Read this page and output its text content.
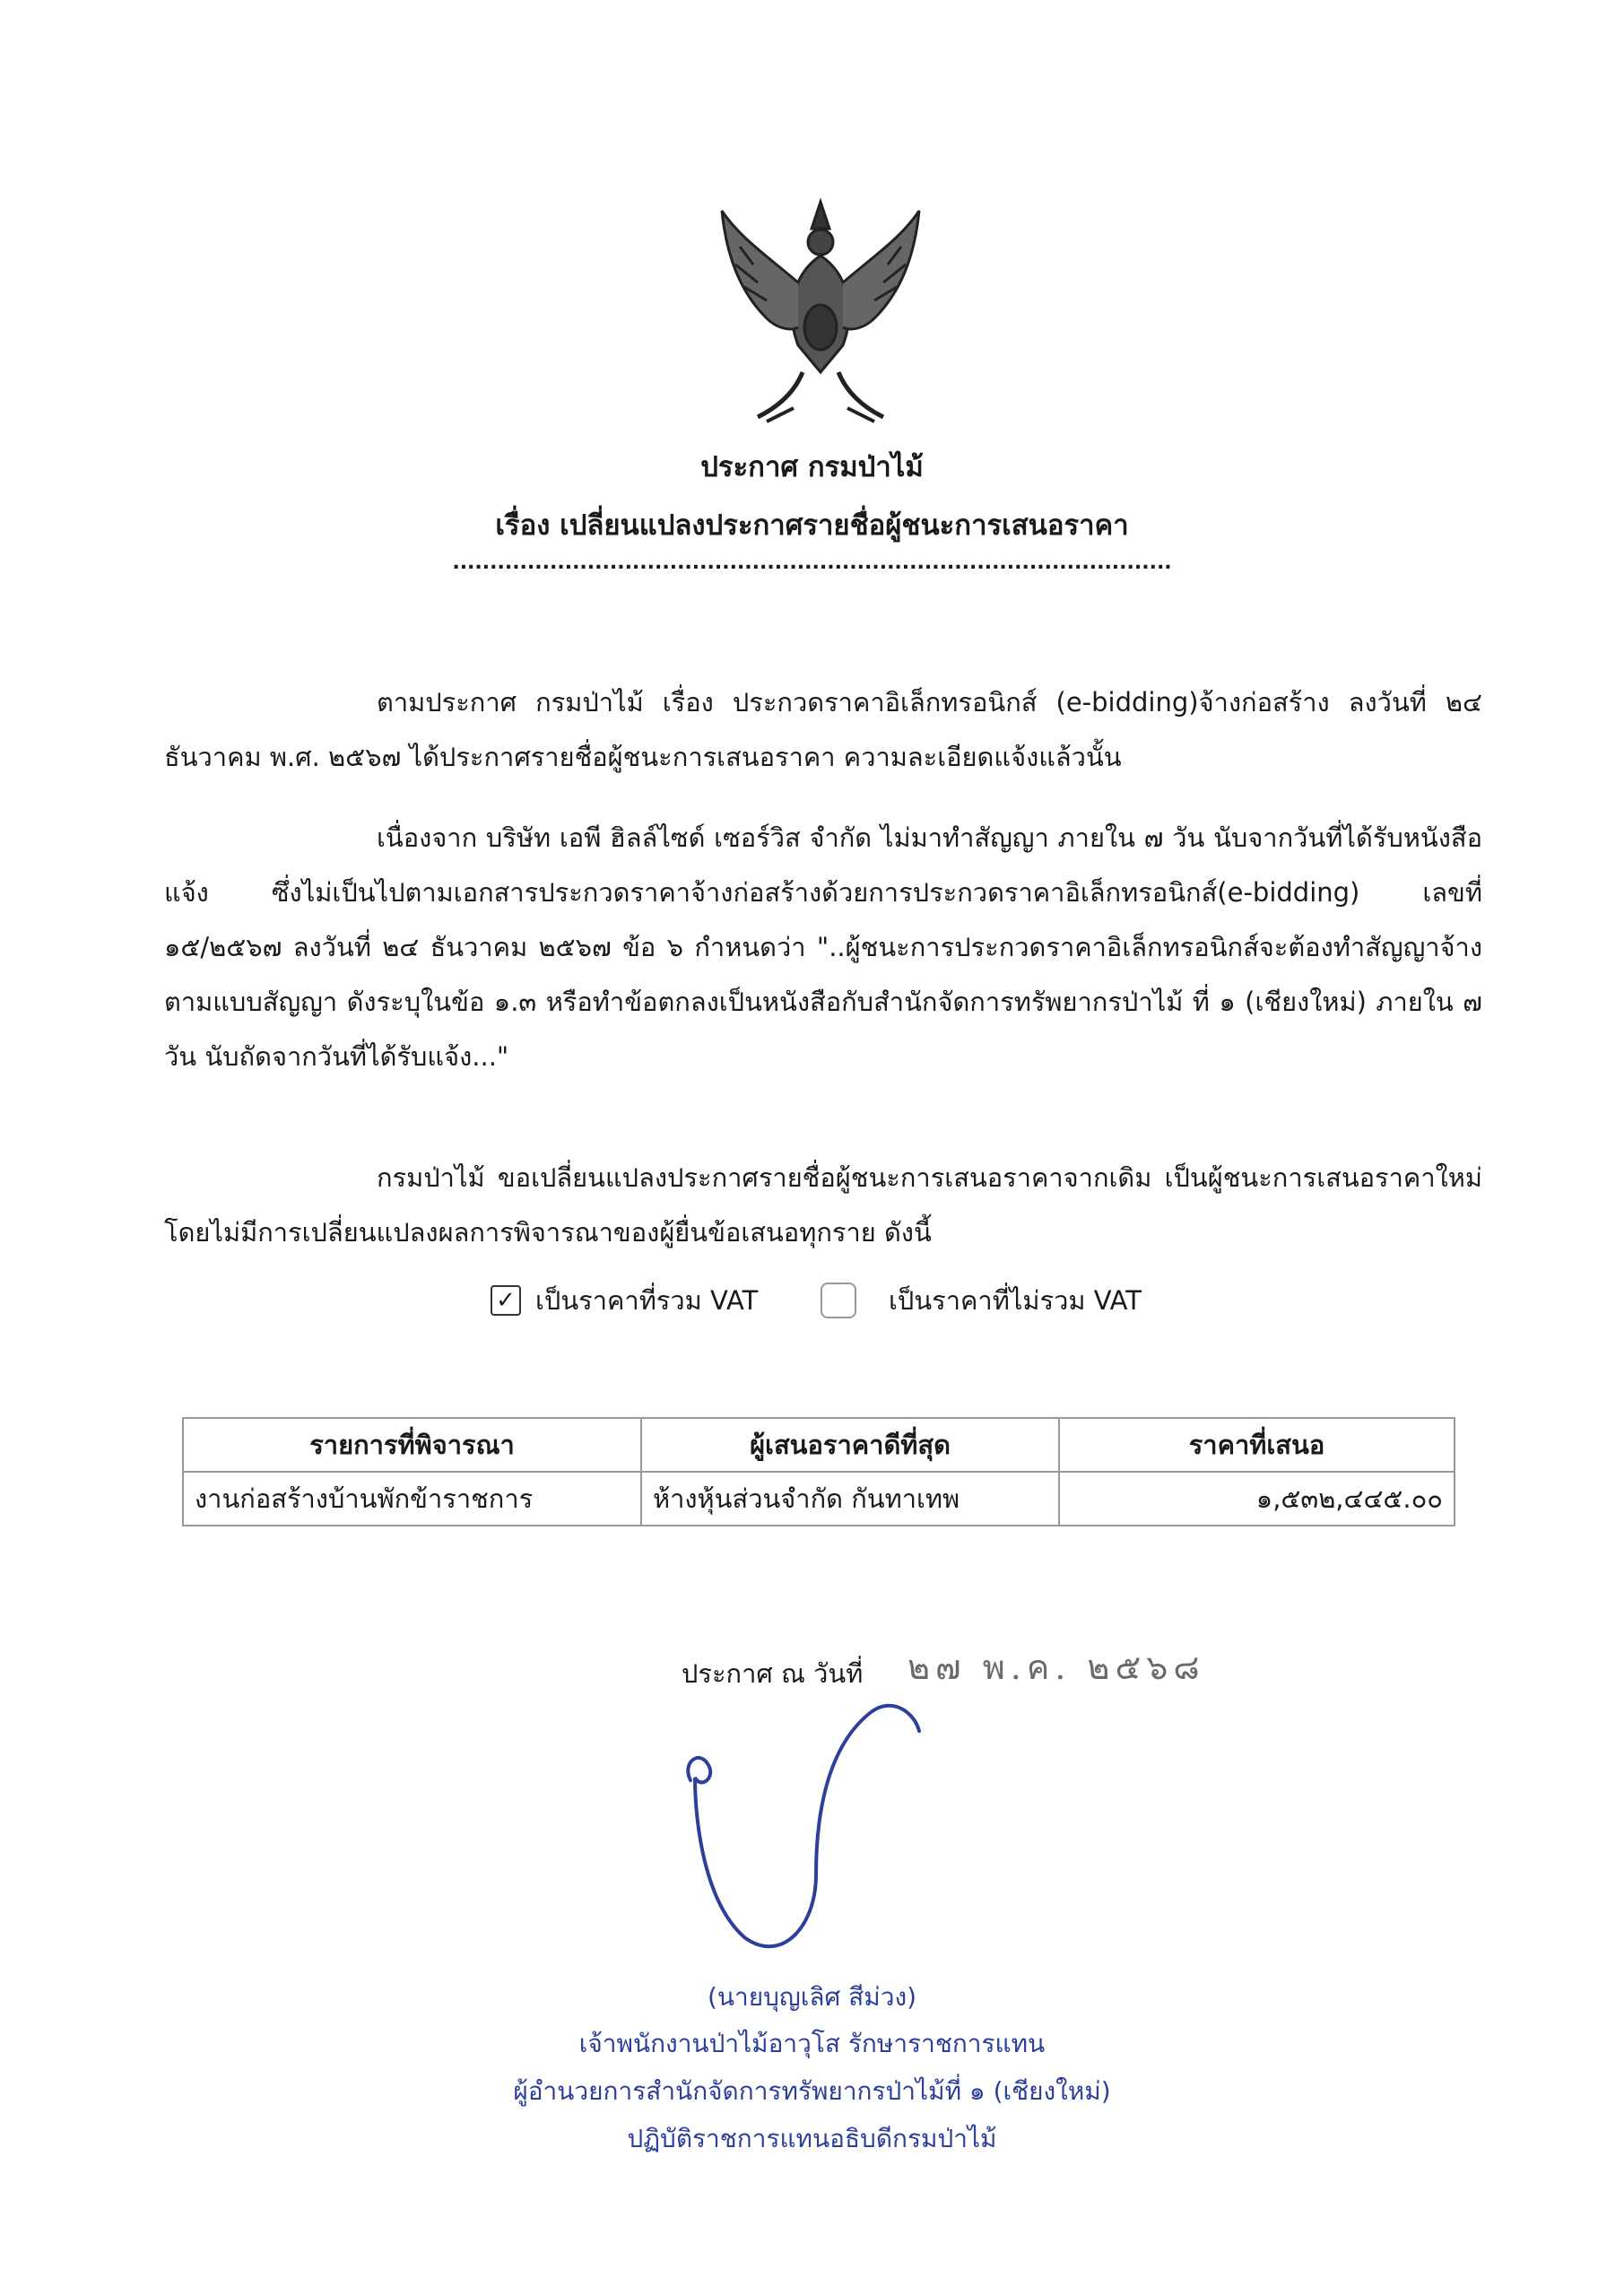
ประกาศ กรมป่าไม้
เรื่อง เปลี่ยนแปลงประกาศรายชื่อผู้ชนะการเสนอราคา
................................................................................................
ตามประกาศ กรมป่าไม้ เรื่อง ประกวดราคาอิเล็กทรอนิกส์ (e-bidding)จ้างก่อสร้าง ลงวันที่ ๒๔ ธันวาคม พ.ศ. ๒๕๖๗ ได้ประกาศรายชื่อผู้ชนะการเสนอราคา ความละเอียดแจ้งแล้วนั้น
เนื่องจาก บริษัท เอพี ฮิลล์ไซด์ เซอร์วิส จำกัด ไม่มาทำสัญญา ภายใน ๗ วัน นับจากวันที่ได้รับหนังสือแจ้ง ซึ่งไม่เป็นไปตามเอกสารประกวดราคาจ้างก่อสร้างด้วยการประกวดราคาอิเล็กทรอนิกส์(e-bidding) เลขที่ ๑๕/๒๕๖๗ ลงวันที่ ๒๔ ธันวาคม ๒๕๖๗ ข้อ ๖ กำหนดว่า "..ผู้ชนะการประกวดราคาอิเล็กทรอนิกส์จะต้องทำสัญญาจ้างตามแบบสัญญา ดังระบุในข้อ ๑.๓ หรือทำข้อตกลงเป็นหนังสือกับสำนักจัดการทรัพยากรป่าไม้ ที่ ๑ (เชียงใหม่) ภายใน ๗ วัน นับถัดจากวันที่ได้รับแจ้ง..."
กรมป่าไม้ ขอเปลี่ยนแปลงประกาศรายชื่อผู้ชนะการเสนอราคาจากเดิม เป็นผู้ชนะการเสนอราคาใหม่ โดยไม่มีการเปลี่ยนแปลงผลการพิจารณาของผู้ยื่นข้อเสนอทุกราย ดังนี้
✓ เป็นราคาที่รวม VAT	เป็นราคาที่ไม่รวม VAT
รายการที่พิจารณา	ผู้เสนอราคาดีที่สุด	ราคาที่เสนอ
งานก่อสร้างบ้านพักข้าราชการ	ห้างหุ้นส่วนจำกัด กันทาเทพ	๑,๕๓๒,๔๔๕.๐๐
ประกาศ ณ วันที่ ๒๗ พ.ค. ๒๕๖๘
(นายบุญเลิศ สีม่วง)
เจ้าพนักงานป่าไม้อาวุโส รักษาราชการแทน
ผู้อำนวยการสำนักจัดการทรัพยากรป่าไม้ที่ ๑ (เชียงใหม่)
ปฏิบัติราชการแทนอธิบดีกรมป่าไม้
